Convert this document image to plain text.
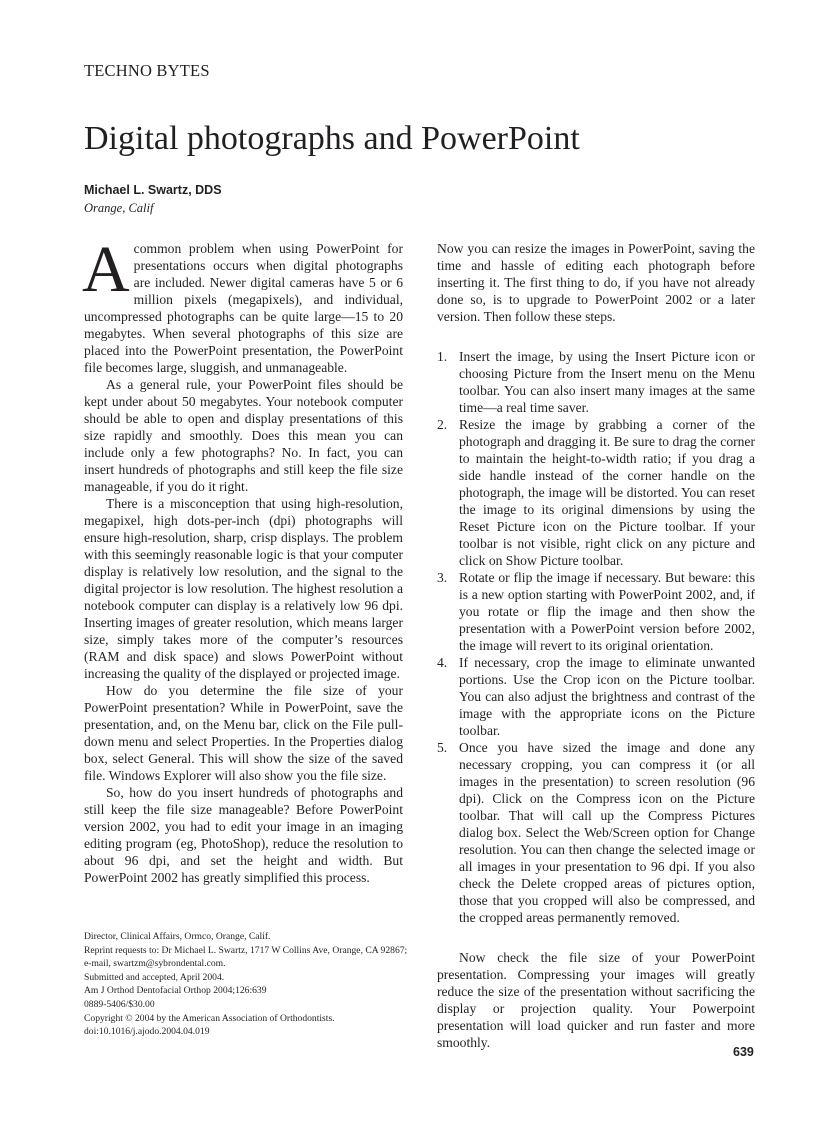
TECHNO BYTES
Digital photographs and PowerPoint
Michael L. Swartz, DDS
Orange, Calif

A common problem when using PowerPoint for presentations occurs when digital photographs are included. Newer digital cameras have 5 or 6 million pixels (megapixels), and individual, uncompressed photographs can be quite large—15 to 20 megabytes. When several photographs of this size are placed into the PowerPoint presentation, the PowerPoint file becomes large, sluggish, and unmanageable.

As a general rule, your PowerPoint files should be kept under about 50 megabytes. Your notebook computer should be able to open and display presentations of this size rapidly and smoothly. Does this mean you can include only a few photographs? No. In fact, you can insert hundreds of photographs and still keep the file size manageable, if you do it right.

There is a misconception that using high-resolution, megapixel, high dots-per-inch (dpi) photographs will ensure high-resolution, sharp, crisp displays. The problem with this seemingly reasonable logic is that your computer display is relatively low resolution, and the signal to the digital projector is low resolution. The highest resolution a notebook computer can display is a relatively low 96 dpi. Inserting images of greater resolution, which means larger size, simply takes more of the computer’s resources (RAM and disk space) and slows PowerPoint without increasing the quality of the displayed or projected image.

How do you determine the file size of your PowerPoint presentation? While in PowerPoint, save the presentation, and, on the Menu bar, click on the File pull-down menu and select Properties. In the Properties dialog box, select General. This will show the size of the saved file. Windows Explorer will also show you the file size.

So, how do you insert hundreds of photographs and still keep the file size manageable? Before PowerPoint version 2002, you had to edit your image in an imaging editing program (eg, PhotoShop), reduce the resolution to about 96 dpi, and set the height and width. But PowerPoint 2002 has greatly simplified this process.

Director, Clinical Affairs, Ormco, Orange, Calif.
Reprint requests to: Dr Michael L. Swartz, 1717 W Collins Ave, Orange, CA 92867; e-mail, swartzm@sybrondental.com.
Submitted and accepted, April 2004.
Am J Orthod Dentofacial Orthop 2004;126:639
0889-5406/$30.00
Copyright © 2004 by the American Association of Orthodontists.
doi:10.1016/j.ajodo.2004.04.019

Now you can resize the images in PowerPoint, saving the time and hassle of editing each photograph before inserting it. The first thing to do, if you have not already done so, is to upgrade to PowerPoint 2002 or a later version. Then follow these steps.

1. Insert the image, by using the Insert Picture icon or choosing Picture from the Insert menu on the Menu toolbar. You can also insert many images at the same time—a real time saver.
2. Resize the image by grabbing a corner of the photograph and dragging it. Be sure to drag the corner to maintain the height-to-width ratio; if you drag a side handle instead of the corner handle on the photograph, the image will be distorted. You can reset the image to its original dimensions by using the Reset Picture icon on the Picture toolbar. If your toolbar is not visible, right click on any picture and click on Show Picture toolbar.
3. Rotate or flip the image if necessary. But beware: this is a new option starting with PowerPoint 2002, and, if you rotate or flip the image and then show the presentation with a PowerPoint version before 2002, the image will revert to its original orientation.
4. If necessary, crop the image to eliminate unwanted portions. Use the Crop icon on the Picture toolbar. You can also adjust the brightness and contrast of the image with the appropriate icons on the Picture toolbar.
5. Once you have sized the image and done any necessary cropping, you can compress it (or all images in the presentation) to screen resolution (96 dpi). Click on the Compress icon on the Picture toolbar. That will call up the Compress Pictures dialog box. Select the Web/Screen option for Change resolution. You can then change the selected image or all images in your presentation to 96 dpi. If you also check the Delete cropped areas of pictures option, those that you cropped will also be compressed, and the cropped areas permanently removed.

Now check the file size of your PowerPoint presentation. Compressing your images will greatly reduce the size of the presentation without sacrificing the display or projection quality. Your Powerpoint presentation will load quicker and run faster and more smoothly.

639
